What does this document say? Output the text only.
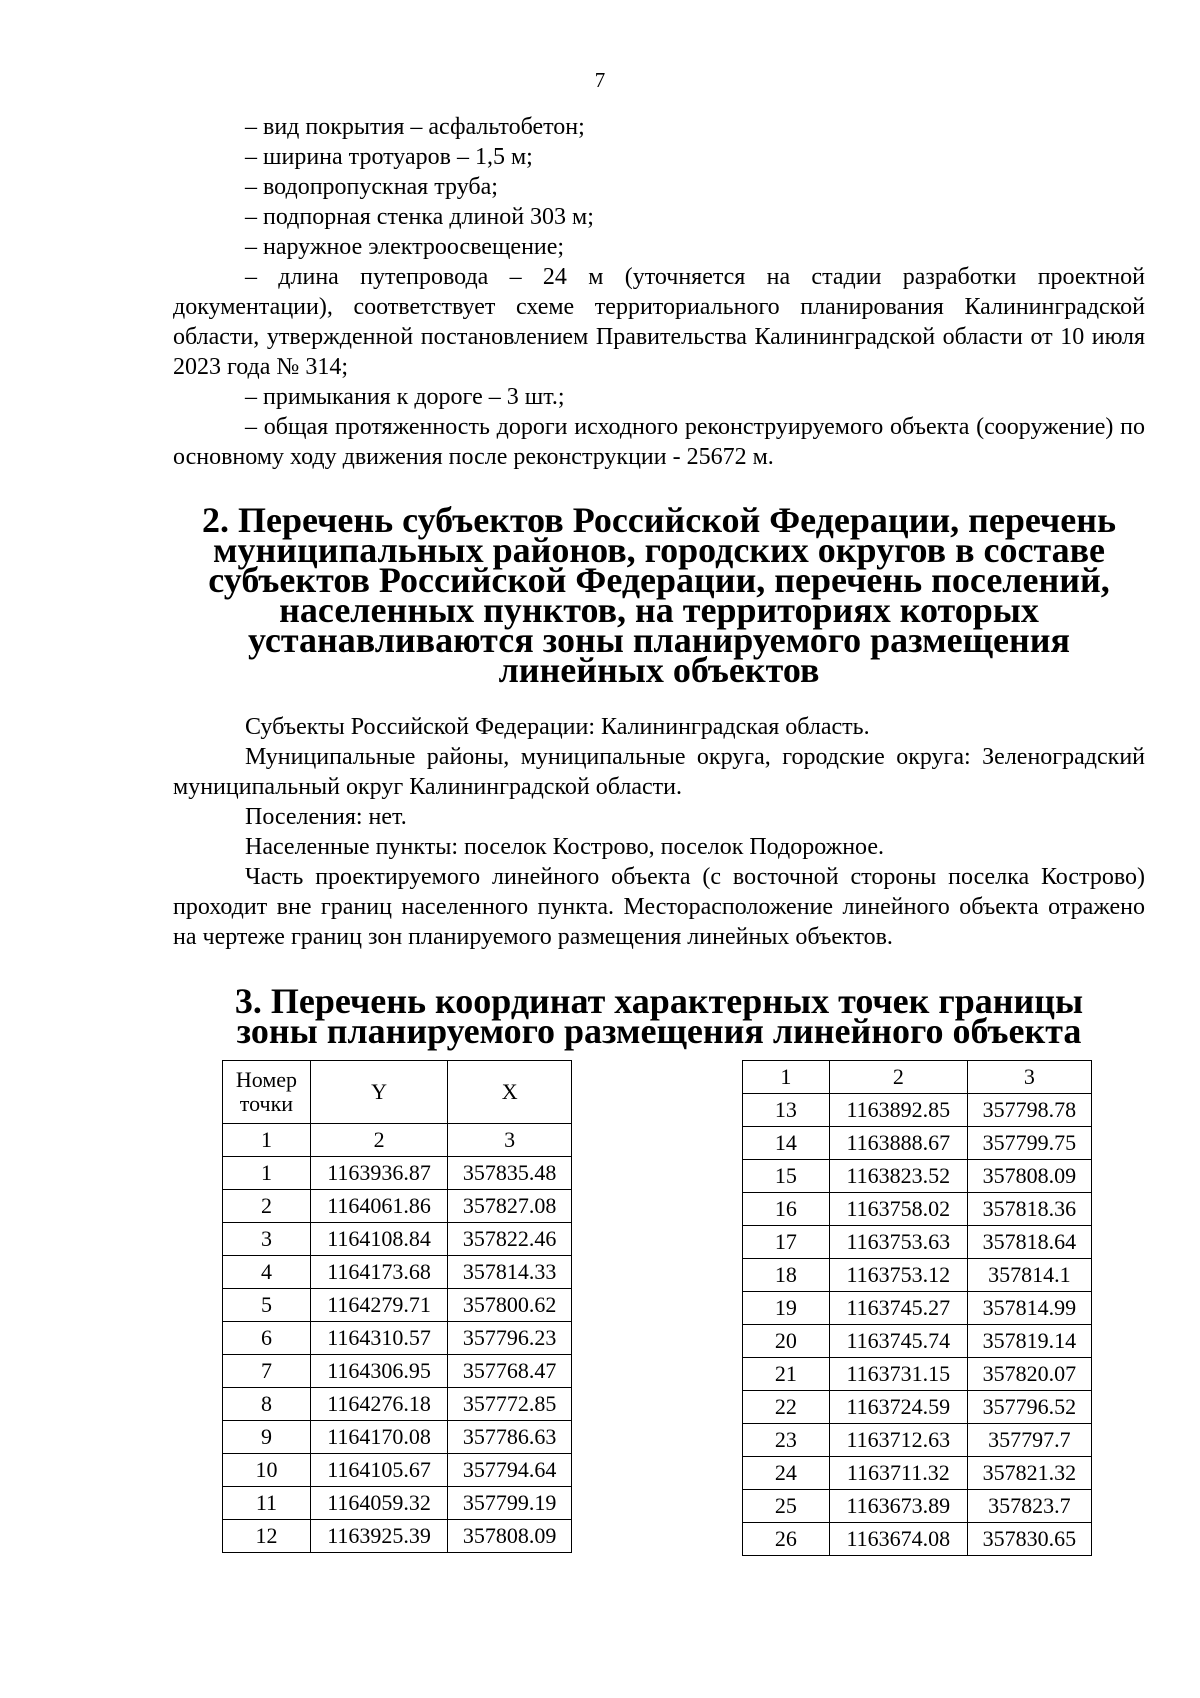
7

– вид покрытия – асфальтобетон;

– ширина тротуаров – 1,5 м;

– водопропускная труба;

– подпорная стенка длиной 303 м;

– наружное электроосвещение;

– длина путепровода – 24 м (уточняется на стадии разработки проектной документации), соответствует схеме территориального планирования Калининградской области, утвержденной постановлением Правительства Калининградской области от 10 июля 2023 года № 314;

– примыкания к дороге – 3 шт.;

– общая протяженность дороги исходного реконструируемого объекта (сооружение) по основному ходу движения после реконструкции - 25672 м.

2. Перечень субъектов Российской Федерации, перечень муниципальных районов, городских округов в составе субъектов Российской Федерации, перечень поселений, населенных пунктов, на территориях которых устанавливаются зоны планируемого размещения линейных объектов

Субъекты Российской Федерации: Калининградская область.

Муниципальные районы, муниципальные округа, городские округа: Зеленоградский муниципальный округ Калининградской области.

Поселения: нет.

Населенные пункты: поселок Кострово, поселок Подорожное.

Часть проектируемого линейного объекта (с восточной стороны поселка Кострово) проходит вне границ населенного пункта. Месторасположение линейного объекта отражено на чертеже границ зон планируемого размещения линейных объектов.

3. Перечень координат характерных точек границы зоны планируемого размещения линейного объекта
Номер точки	Y	X
1	2	3
1	1163936.87	357835.48
2	1164061.86	357827.08
3	1164108.84	357822.46
4	1164173.68	357814.33
5	1164279.71	357800.62
6	1164310.57	357796.23
7	1164306.95	357768.47
8	1164276.18	357772.85
9	1164170.08	357786.63
10	1164105.67	357794.64
11	1164059.32	357799.19
12	1163925.39	357808.09
1	2	3
13	1163892.85	357798.78
14	1163888.67	357799.75
15	1163823.52	357808.09
16	1163758.02	357818.36
17	1163753.63	357818.64
18	1163753.12	357814.1
19	1163745.27	357814.99
20	1163745.74	357819.14
21	1163731.15	357820.07
22	1163724.59	357796.52
23	1163712.63	357797.7
24	1163711.32	357821.32
25	1163673.89	357823.7
26	1163674.08	357830.65
